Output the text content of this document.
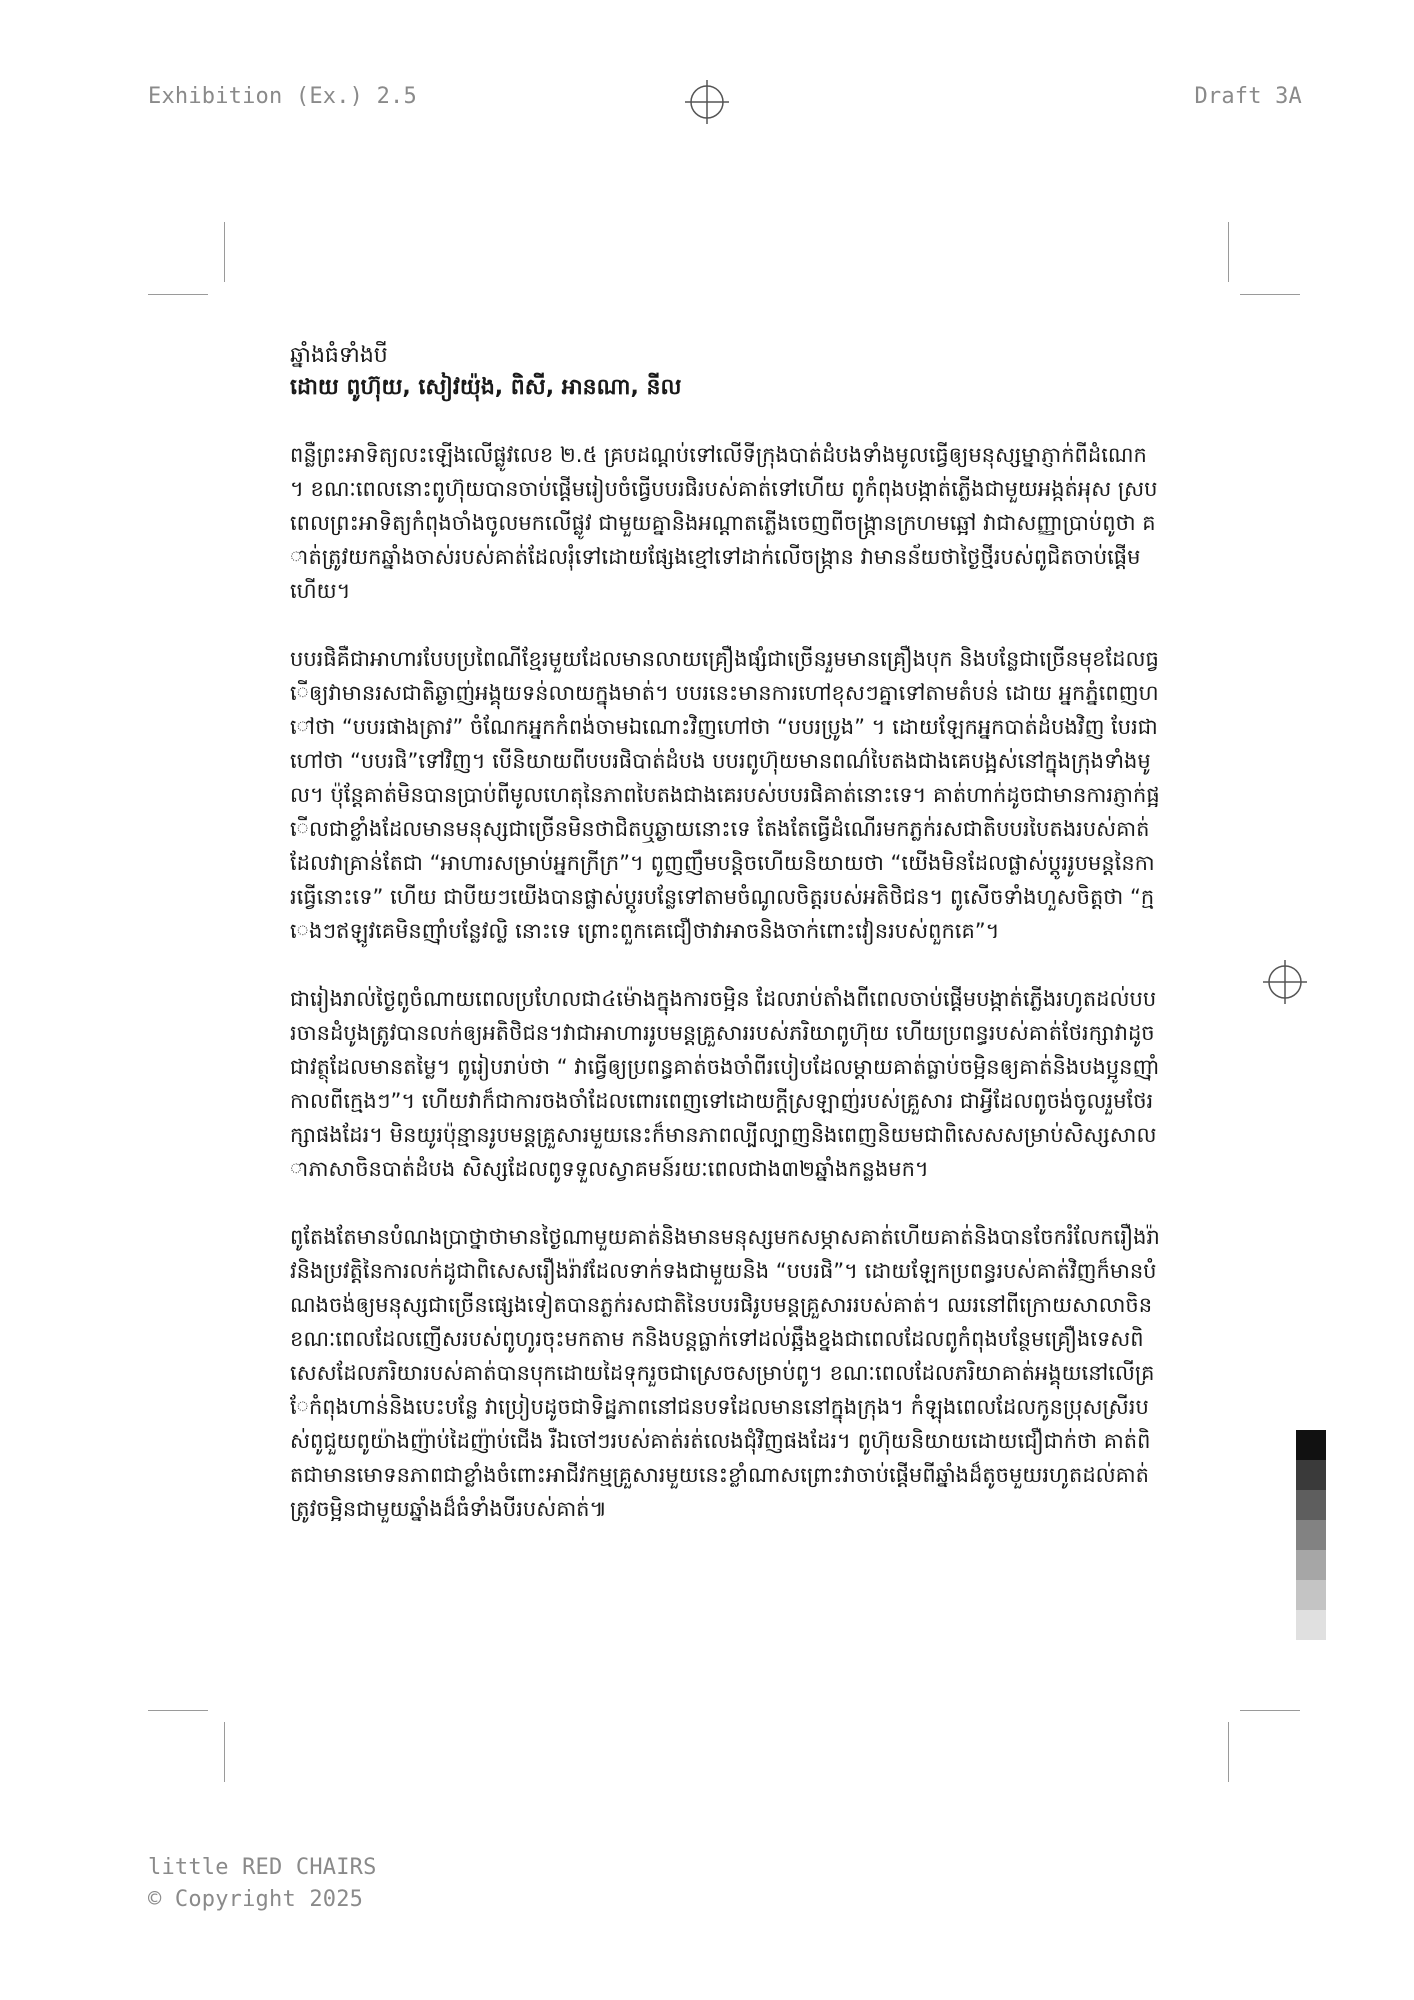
Exhibition (Ex.) 2.5	Draft 3A

ឆ្នាំងធំទាំងបី

ដោយ ពូហ៊ុយ, សៀវយ៉ុង, ពិសី, អានណា, នីល

ពន្លឺព្រះអាទិត្យលះឡើងលើផ្លូវលេខ ២.៥ គ្របដណ្តប់ទៅលើទីក្រុងបាត់ដំបងទាំងមូលធ្វើឲ្យមនុស្សម្នាភ្ញាក់ពីដំណេក។ ខណៈពេលនោះពូហ៊ុយបានចាប់ផ្តើមរៀបចំធ្វើបបរផិរបស់គាត់ទៅហើយ ពូកំពុងបង្កាត់ភ្លើងជាមួយអង្កត់អុស ស្របពេលព្រះអាទិត្យកំពុងចាំងចូលមកលើផ្លូវ ជាមួយគ្នានិងអណ្តាតភ្លើងចេញពីចង្ក្រានក្រហមឆ្អៅ វាជាសញ្ញាប្រាប់ពូថា គាត់ត្រូវយកឆ្នាំងចាស់របស់គាត់ដែលរុំទៅដោយផ្សែងខ្មៅទៅដាក់លើចង្ក្រាន វាមានន័យថាថ្ងៃថ្មីរបស់ពូជិតចាប់ផ្តើមហើយ។

បបរផិគឺជាអាហារបែបប្រពៃណីខ្មែរមួយដែលមានលាយគ្រឿងផ្សំជាច្រើនរួមមានគ្រឿងបុក និងបន្លែជាច្រើនមុខដែលធ្វើឲ្យវាមានរសជាតិឆ្ងាញ់អង្គុយទន់លាយក្នុងមាត់។ បបរនេះមានការហៅខុសៗគ្នាទៅតាមតំបន់ ដោយ អ្នកភ្នំពេញហៅថា “បបរផាងត្រាវ” ចំណែកអ្នកកំពង់ចាមឯណោះវិញហៅថា “បបរប្រូង” ។ ដោយឡែកអ្នកបាត់ដំបងវិញ បែរជាហៅថា “បបរផិ”ទៅវិញ។ បើនិយាយពីបបរផិបាត់ដំបង បបរពូហ៊ុយមានពណ៌បៃតងជាងគេបង្អស់នៅក្នុងក្រុងទាំងមូល។ ប៉ុន្តែគាត់មិនបានប្រាប់ពីមូលហេតុនៃភាពបៃតងជាងគេរបស់បបរផិគាត់នោះទេ។ គាត់ហាក់ដូចជាមានការភ្ញាក់ផ្អើលជាខ្លាំងដែលមានមនុស្សជាច្រើនមិនថាជិតឬឆ្ងាយនោះទេ តែងតែធ្វើដំណើរមកភ្លក់រសជាតិបបរបៃតងរបស់គាត់ដែលវាគ្រាន់តែជា “អាហារសម្រាប់អ្នកក្រីក្រ”។ ពូញញឹមបន្តិចហើយនិយាយថា “យើងមិនដែលផ្លាស់ប្តូររូបមន្តនៃការធ្វើនោះទេ” ហើយ ជាបីយៗយើងបានផ្លាស់ប្តូរបន្លែទៅតាមចំណូលចិត្តរបស់អតិថិជន។ ពូសើចទាំងហួសចិត្តថា “ក្មេងៗឥឡូវគេមិនញ៉ាំបន្លែវល្លិ នោះទេ ព្រោះពួកគេជឿថាវាអាចនិងចាក់ពោះវៀនរបស់ពួកគេ”។

ជារៀងរាល់ថ្ងៃពូចំណាយពេលប្រហែលជា៤ម៉ោងក្នុងការចម្អិន ដែលរាប់តាំងពីពេលចាប់ផ្តើមបង្កាត់ភ្លើងរហូតដល់បបរចានដំបូងត្រូវបានលក់ឲ្យអតិថិជន។វាជាអាហាររូបមន្តគ្រួសាររបស់ភរិយាពូហ៊ុយ ហើយប្រពន្ធរបស់គាត់ថែរក្សាវាដូចជាវត្ថុដែលមានតម្លៃ។ ពូរៀបរាប់ថា “ វាធ្វើឲ្យប្រពន្ធគាត់ចងចាំពីរបៀបដែលម្តាយគាត់ធ្លាប់ចម្អិនឲ្យគាត់និងបងប្អូនញ៉ាំកាលពីក្មេងៗ”។ ហើយវាក៏ជាការចងចាំដែលពោរពេញទៅដោយក្តីស្រឡាញ់របស់គ្រួសារ ជាអ្វីដែលពូចង់ចូលរួមថែរក្សាផងដែរ។ មិនយូរប៉ុន្មានរូបមន្តគ្រួសារមួយនេះក៏មានភាពល្បីល្បាញនិងពេញនិយមជាពិសេសសម្រាប់សិស្សសាលាភាសាចិនបាត់ដំបង សិស្សដែលពូទទួលស្វាគមន៍រយៈពេលជាង៣២ឆ្នាំងកន្លងមក។

ពូតែងតែមានបំណងប្រាថ្នាថាមានថ្ងៃណាមួយគាត់និងមានមនុស្សមកសម្ភាសគាត់ហើយគាត់និងបានចែករំលែករឿងរ៉ាវនិងប្រវត្តិនៃការលក់ដូជាពិសេសរឿងរ៉ាវដែលទាក់ទងជាមួយនិង “បបរផិ”។ ដោយឡែកប្រពន្ធរបស់គាត់វិញក៏មានបំណងចង់ឲ្យមនុស្សជាច្រើនផ្សេងទៀតបានភ្លក់រសជាតិនៃបបរផិរូបមន្តគ្រួសាររបស់គាត់។ ឈរនៅពីក្រោយសាលាចិន ខណៈពេលដែលញើសរបស់ពូហូរចុះមកតាម កនិងបន្តធ្លាក់ទៅដល់ឆ្អឹងខ្នងជាពេលដែលពូកំពុងបន្ថែមគ្រឿងទេសពិសេសដែលភរិយារបស់គាត់បានបុកដោយដៃទុករួចជាស្រេចសម្រាប់ពូ។ ខណៈពេលដែលភរិយាគាត់អង្គុយនៅលើគ្រែកំពុងហាន់និងបេះបន្លែ វាប្រៀបដូចជាទិដ្ឋភាពនៅជនបទដែលមាននៅក្នុងក្រុង។ កំឡុងពេលដែលកូនប្រុសស្រីរបស់ពូជួយពូយ៉ាងញ៉ាប់ដៃញ៉ាប់ជើង រឺឯចៅៗរបស់គាត់រត់លេងជុំវិញផងដែរ។ ពូហ៊ុយនិយាយដោយជឿជាក់ថា គាត់ពិតជាមានមោទនភាពជាខ្លាំងចំពោះអាជីវកម្មគ្រួសារមួយនេះខ្លាំណាសព្រោះវាចាប់ផ្តើមពីឆ្នាំងដ៏តូចមួយរហូតដល់គាត់ត្រូវចម្អិនជាមួយឆ្នាំងដ៏ធំទាំងបីរបស់គាត់៕

little RED CHAIRS
© Copyright 2025
